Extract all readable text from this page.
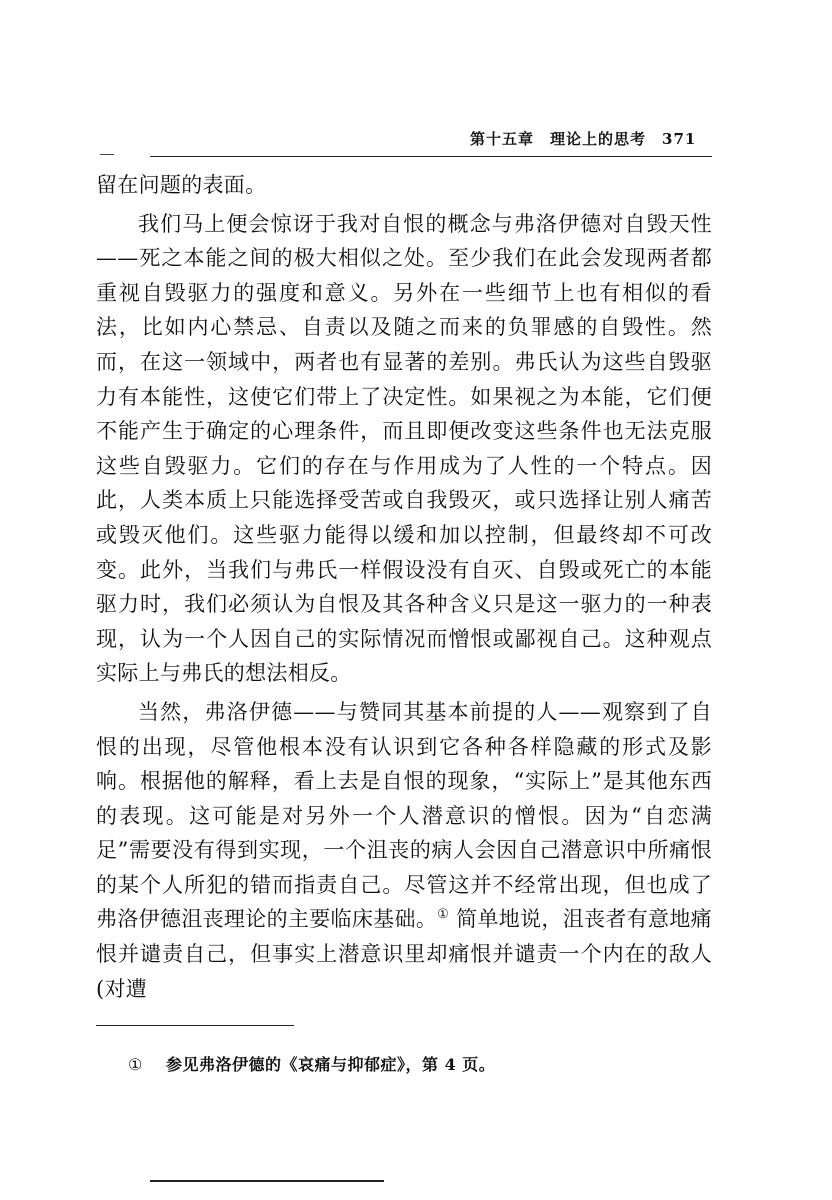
第十五章　理论上的思考 371

留在问题的表面。

我们马上便会惊讶于我对自恨的概念与弗洛伊德对自毁天性——死之本能之间的极大相似之处。至少我们在此会发现两者都重视自毁驱力的强度和意义。另外在一些细节上也有相似的看法，比如内心禁忌、自责以及随之而来的负罪感的自毁性。然而，在这一领域中，两者也有显著的差别。弗氏认为这些自毁驱力有本能性，这使它们带上了决定性。如果视之为本能，它们便不能产生于确定的心理条件，而且即便改变这些条件也无法克服这些自毁驱力。它们的存在与作用成为了人性的一个特点。因此，人类本质上只能选择受苦或自我毁灭，或只选择让别人痛苦或毁灭他们。这些驱力能得以缓和加以控制，但最终却不可改变。此外，当我们与弗氏一样假设没有自灭、自毁或死亡的本能驱力时，我们必须认为自恨及其各种含义只是这一驱力的一种表现，认为一个人因自己的实际情况而憎恨或鄙视自己。这种观点实际上与弗氏的想法相反。

当然，弗洛伊德——与赞同其基本前提的人——观察到了自恨的出现，尽管他根本没有认识到它各种各样隐藏的形式及影响。根据他的解释，看上去是自恨的现象，“实际上”是其他东西的表现。这可能是对另外一个人潜意识的憎恨。因为“自恋满足”需要没有得到实现，一个沮丧的病人会因自己潜意识中所痛恨的某个人所犯的错而指责自己。尽管这并不经常出现，但也成了弗洛伊德沮丧理论的主要临床基础。① 简单地说，沮丧者有意地痛恨并谴责自己，但事实上潜意识里却痛恨并谴责一个内在的敌人(对遭

① 参见弗洛伊德的《哀痛与抑郁症》，第 4 页。
